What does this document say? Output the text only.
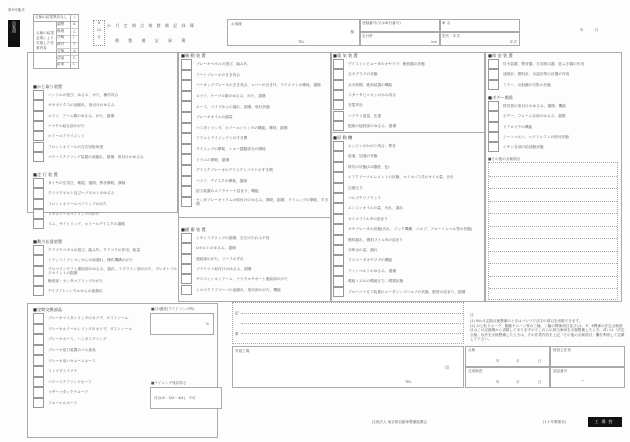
第5号様式
自家用
点検の結果異状なし レ
点検の結果必要により実施した作業内容
調整 A
修理 △
分解 \
締付 T
交換 ×
清掃 C
給油 L
6
12
分
か 月 定 期 点 検 整 備 記 録 簿
朝 整 備 記 録 簿
お客様
様
TEL
登録番号(又は車台番号)	車 名
走行粁
km
型式・年式
年式
年 月
■かじ取り装置
ハンドルの遊び、ゆるみ、がた、操作具合
ギヤボツクスの油漏れ、取付けのゆるみ
ロツド、アーム類のゆるみ、がた、損傷
ナツクル結合部のがた
ホイールアライメント
フロントホイールの左右回転角度
パワーステアリング装置の油漏れ、損傷、取付けのゆるみ
■走 行 装 置
タイヤの空気圧、亀裂、損傷、異状摩耗、溝柚
クリツプボルト及びハブボルトのゆるみ
フロントホイールベアリングのがた
リヤホイールベアリングのがた
リム、サイドリング、ホイールデイスクの損傷
■動力伝達装置
クラツチペダルの遊び、踏み代、クラツチの作用、政量
トランスミツシヨンからの油漏れ、操作機構のがた
プロペラシヤフト連結部のゆるみ、損れ、スプライン部のがた、プレキシブルジヨイントの損傷
軸受部・センタベアリングのがた
デイフアレンシヤルからの油漏れ
■制 動 装 置
ブレーキペダルの遊び、踏み代
フートブレーキのきき具合
パーキングブレーキのきき具合、レバーの引き代、ラチエツトの摩耗、損傷
ロツド、ケーブル類のゆるみ、がた、損傷
ホース、パイプからの漏れ、損傷、取付状態
ブレーキオイルの漏量
マスタシリンダ、ホイールシリンダの機能、摩耗、損傷
ドラムとライニングとのすき間
ライニングの摩耗、シユー摺動部分の摩耗
ドラムの摩耗、損傷
デイスクブレーキのデイスクとパツドのすき間
パツド、デイスクの摩耗、損傷
倍力装置のエアクリーナ詰まり、機能
センタブレーキドラムの取付けのゆるみ、摩耗、損傷、ライニングの摩耗、すき間
■緩 衝 装 置
シヤシスプリングの損傷、左右のたわみ不同
Uボルトのゆるみ、損傷
連結部のがた、リーフのずれ
ブラケツト取付けのゆるみ、損傷
サスペンシヨンアーム、ナツクルサポート連結部のがた
シヨツクアブソーバの油漏れ、取付部のがた、機能
■電 気 装 置
デイストリビユータのキヤツプ、断続器の状態
点火プラグの状態
点火時期、進角装置の機能
スタータピニオンのかみ具合
充電作用
バツテリ液量、比重
配線の接続部のゆるみ、損傷
■原 動 機
エンジンのかかり具合、異音
低速、加速の状態
排気の状態(CO濃度、色)
エアクリーナエレメントの状態、オイルバス式のオイル量、汚れ
圧縮圧力
バルブクリアランス
エンジンオイルの量、汚れ、漏れ
オイルフイルタの詰まり
キヤブレータの状態(汚れ、リンク機構、バルブ、フロートレベル等の状態)
燃料漏れ、燃料フイルタの詰まり
冷却水の量、漏れ
ラジエータキヤツプの機能
ファンベルトのゆるみ、損傷
噴射ノズルの噴射圧力、噴霧状態
ブローバイガス装置のメータリングバルブの状態、配管の詰まり、損傷
■保 安 装 置
灯火装置、警音器、方向指示器、窓ふき器の作用
速度計、燃料計、水温計等の計器の作用
ミラー、反射鏡の写影の状態
■ボデー関係
排気管の取付けのゆるみ、損傷、機能
ボデー、フレーム各部のゆるみ、損傷
ドアロツクの機能
シートベルト、ヘツドレストの取付状態
シヤシ各部の給油脂状態
■その他の点検項目
■定期交換部品
ブレーキマスタシリンダのカツプ、ダストシール
ブレーキホイールシリンダのカツプ、ダストシール
ブレーキホース、ハンガスプリング
ブレーキ倍力装置のゴム部品
ブレーキ用バキユームホース
ストツプスイツチ
パワーステアリングホース
リザーバタンクチユーブ
フユーエルホース
■CO濃度(アイドリング時)
%
■ライニング残存厚さ
可(2/4・3/4・4/4)、不可
記
事
注
(1) 6か月定期点検整備のときはゴジツク活字の項目を省略できます。
(2) かじ取りホーク、駆動チエーン等の三輪、二輪の関係項目並びにL、P、6関係の法定点検項目はこの記録簿から省略してありますのでこれらの該当車両を点検整備したとき、或いは「法定点検」以外を点検整備したときは、その作業内容を上記「その他の点検項目」欄を利用して記載して下さい。
実施工場
印
TEL
点検
年	月	日
検査主任者
完成検査
年	月	日
認証番号
—
社団法人 東京都自動車整備振興会	(1ケ年間保存)	工場控
